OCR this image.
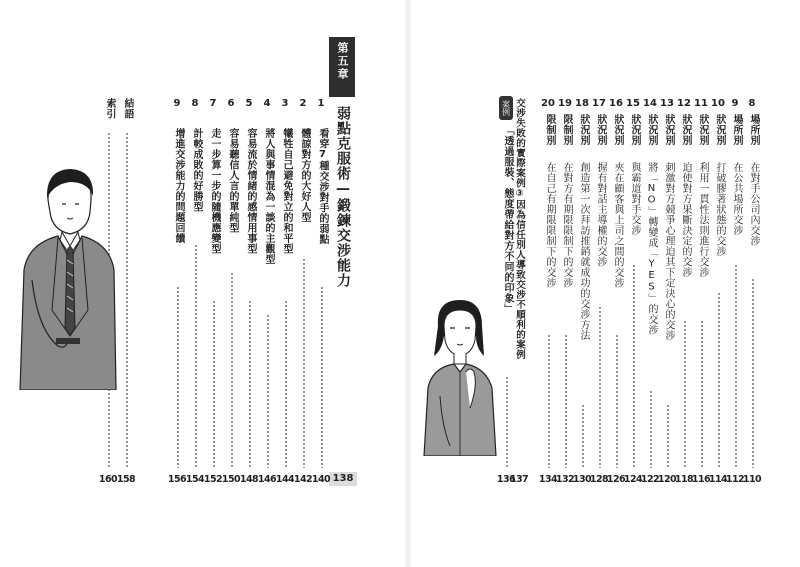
第五章
弱點克服術—鍛鍊交涉能力
138
1
看穿7種交涉對手的弱點
140
2
體諒對方的大好人型
142
3
犧牲自己避免對立的和平型
144
4
將人與事情混為一談的主觀型
146
5
容易流於情緒的感情用事型
148
6
容易聽信人言的單純型
150
7
走一步算一步的隨機應變型
152
8
計較成敗的好勝型
154
9
增進交涉能力的問題回饋
156
結語
158
索引
160
8
場所別
在對手公司內交涉
110
9
場所別
在公共場所交涉
112
10
狀況別
打破膠著狀態的交涉
114
11
狀況別
利用一貫性法則進行交涉
116
12
狀況別
迫使對方果斷決定的交涉
118
13
狀況別
刺激對方競爭心理迫其下定決心的交涉
120
14
狀況別
將「NO」轉變成「YES」的交涉
122
15
狀況別
與霸道對手交涉
124
16
狀況別
夾在顧客與上司之間的交涉
126
17
狀況別
握有對話主導權的交涉
128
18
狀況別
創造第一次拜訪推銷就成功的交涉方法
130
19
限制別
在對方有期限限制下的交涉
132
20
限制別
在自己有期限限制下的交涉
134
案例
「透過服裝、態度帶給對方不同的印象」
136
交涉失敗的實際案例③因為信任別人導致交涉不順利的案例
137
